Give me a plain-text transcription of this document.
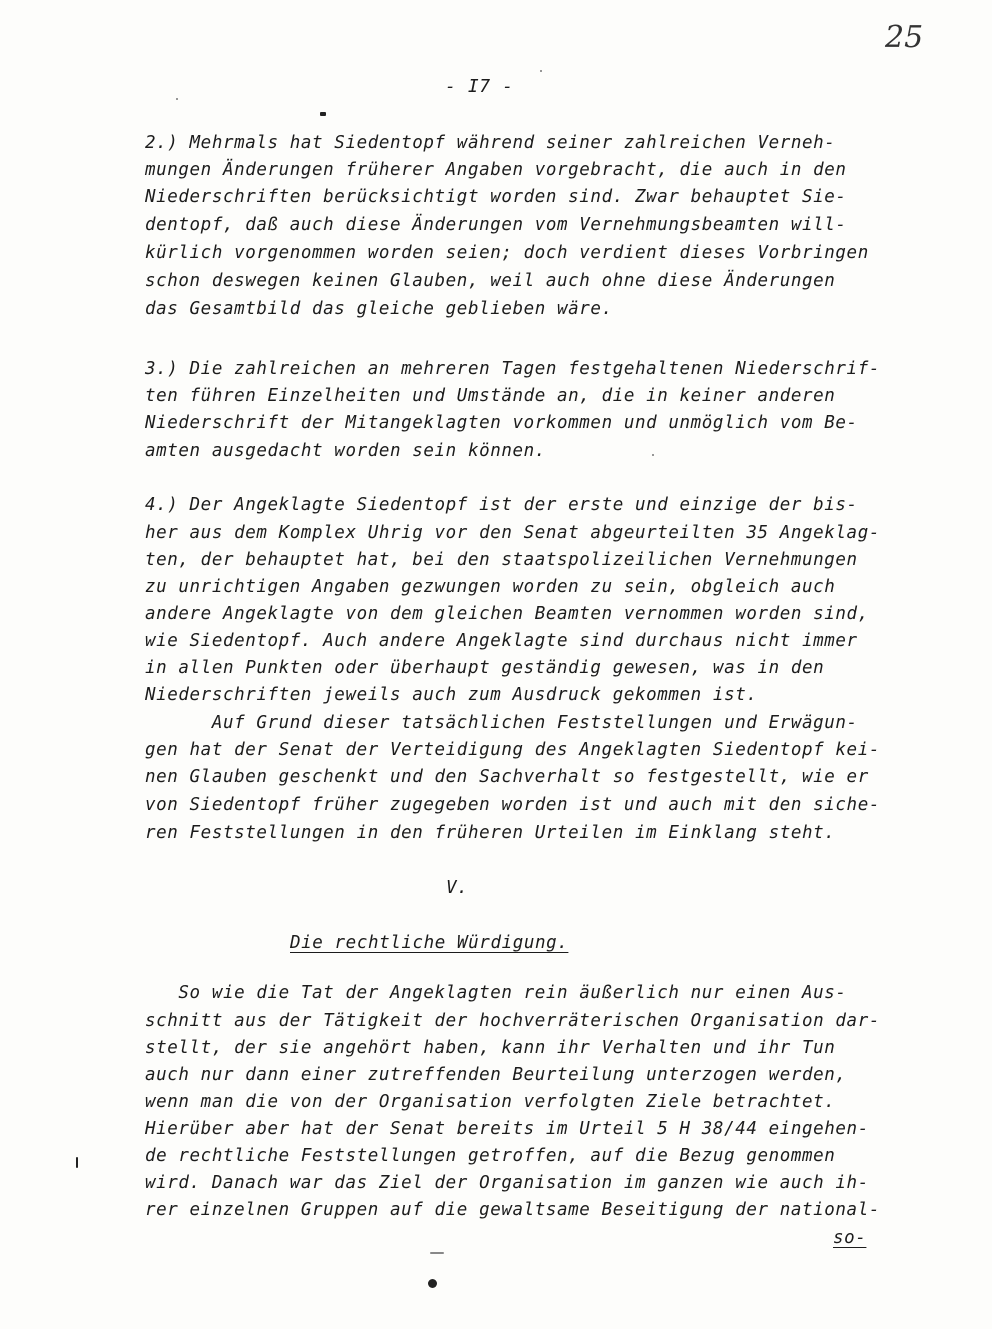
25
- I7 -
2.) Mehrmals hat Siedentopf während seiner zahlreichen Verneh-
mungen Änderungen früherer Angaben vorgebracht, die auch in den
Niederschriften berücksichtigt worden sind. Zwar behauptet Sie-
dentopf, daß auch diese Änderungen vom Vernehmungsbeamten will-
kürlich vorgenommen worden seien; doch verdient dieses Vorbringen
schon deswegen keinen Glauben, weil auch ohne diese Änderungen
das Gesamtbild das gleiche geblieben wäre.
3.) Die zahlreichen an mehreren Tagen festgehaltenen Niederschrif-
ten führen Einzelheiten und Umstände an, die in keiner anderen
Niederschrift der Mitangeklagten vorkommen und unmöglich vom Be-
amten ausgedacht worden sein können.
4.) Der Angeklagte Siedentopf ist der erste und einzige der bis-
her aus dem Komplex Uhrig vor den Senat abgeurteilten 35 Angeklag-
ten, der behauptet hat, bei den staatspolizeilichen Vernehmungen
zu unrichtigen Angaben gezwungen worden zu sein, obgleich auch
andere Angeklagte von dem gleichen Beamten vernommen worden sind,
wie Siedentopf. Auch andere Angeklagte sind durchaus nicht immer
in allen Punkten oder überhaupt geständig gewesen, was in den
Niederschriften jeweils auch zum Ausdruck gekommen ist.
Auf Grund dieser tatsächlichen Feststellungen und Erwägun-
gen hat der Senat der Verteidigung des Angeklagten Siedentopf kei-
nen Glauben geschenkt und den Sachverhalt so festgestellt, wie er
von Siedentopf früher zugegeben worden ist und auch mit den siche-
ren Feststellungen in den früheren Urteilen im Einklang steht.
V.
Die rechtliche Würdigung.
So wie die Tat der Angeklagten rein äußerlich nur einen Aus-
schnitt aus der Tätigkeit der hochverräterischen Organisation dar-
stellt, der sie angehört haben, kann ihr Verhalten und ihr Tun
auch nur dann einer zutreffenden Beurteilung unterzogen werden,
wenn man die von der Organisation verfolgten Ziele betrachtet.
Hierüber aber hat der Senat bereits im Urteil 5 H 38/44 eingehen-
de rechtliche Feststellungen getroffen, auf die Bezug genommen
wird. Danach war das Ziel der Organisation im ganzen wie auch ih-
rer einzelnen Gruppen auf die gewaltsame Beseitigung der national-
so-
